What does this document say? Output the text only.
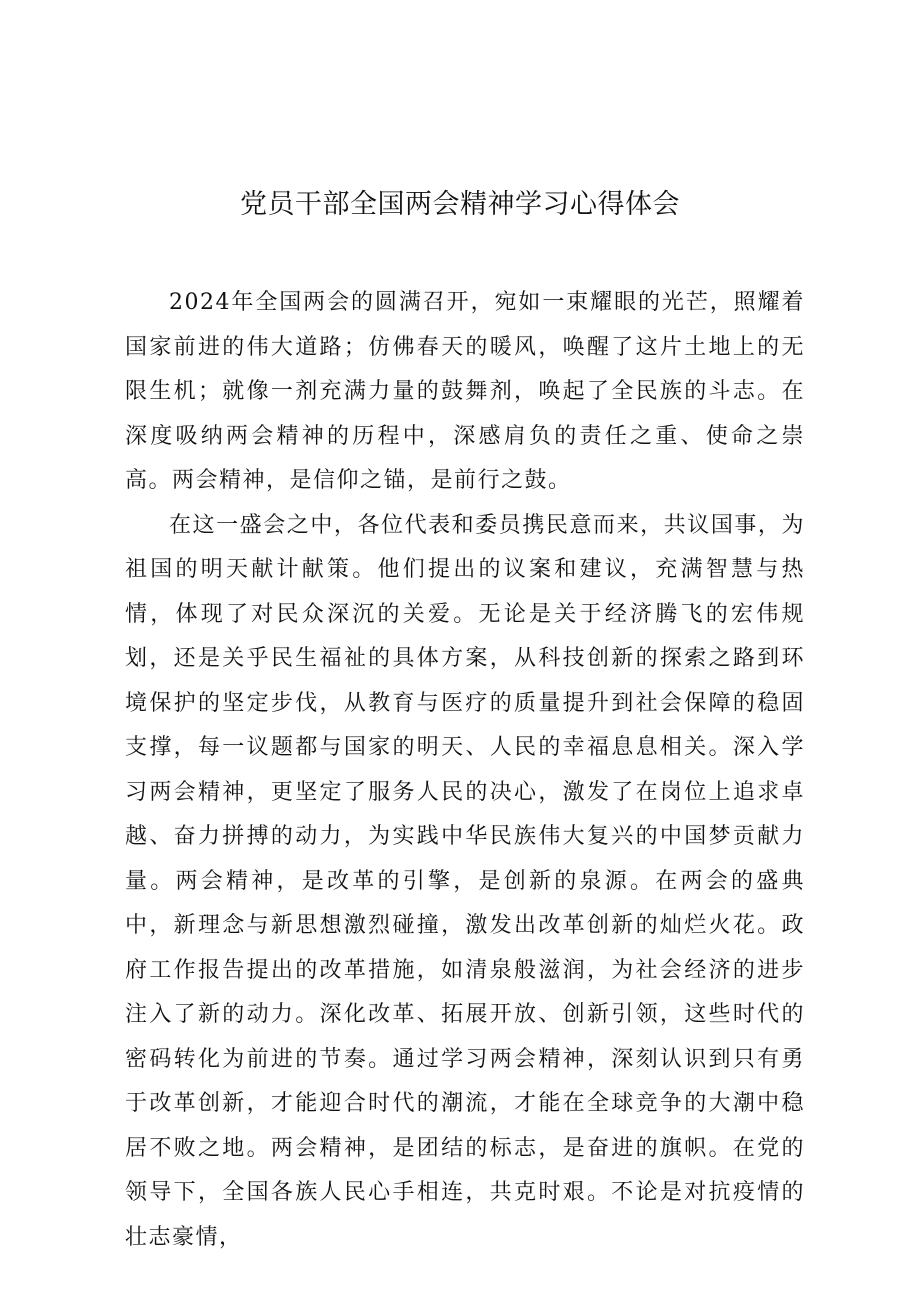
党员干部全国两会精神学习心得体会

2024年全国两会的圆满召开，宛如一束耀眼的光芒，照耀着国家前进的伟大道路；仿佛春天的暖风，唤醒了这片土地上的无限生机；就像一剂充满力量的鼓舞剂，唤起了全民族的斗志。在深度吸纳两会精神的历程中，深感肩负的责任之重、使命之崇高。两会精神，是信仰之锚，是前行之鼓。

在这一盛会之中，各位代表和委员携民意而来，共议国事，为祖国的明天献计献策。他们提出的议案和建议，充满智慧与热情，体现了对民众深沉的关爱。无论是关于经济腾飞的宏伟规划，还是关乎民生福祉的具体方案，从科技创新的探索之路到环境保护的坚定步伐，从教育与医疗的质量提升到社会保障的稳固支撑，每一议题都与国家的明天、人民的幸福息息相关。深入学习两会精神，更坚定了服务人民的决心，激发了在岗位上追求卓越、奋力拼搏的动力，为实践中华民族伟大复兴的中国梦贡献力量。两会精神，是改革的引擎，是创新的泉源。在两会的盛典中，新理念与新思想激烈碰撞，激发出改革创新的灿烂火花。政府工作报告提出的改革措施，如清泉般滋润，为社会经济的进步注入了新的动力。深化改革、拓展开放、创新引领，这些时代的密码转化为前进的节奏。通过学习两会精神，深刻认识到只有勇于改革创新，才能迎合时代的潮流，才能在全球竞争的大潮中稳居不败之地。两会精神，是团结的标志，是奋进的旗帜。在党的领导下，全国各族人民心手相连，共克时艰。不论是对抗疫情的壮志豪情，
